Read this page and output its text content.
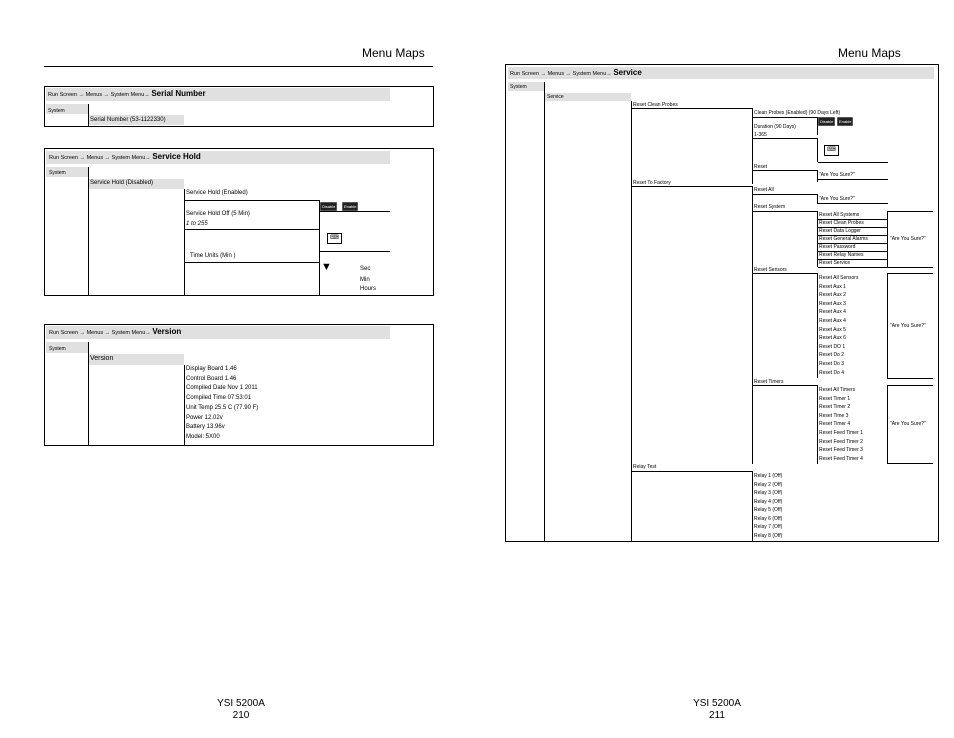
Menu Maps
Run Screen → Menus → System Menu→ Serial Number
System
Serial Number (53-1122330)
Run Screen → Menus → System Menu→ Service Hold
System
Service Hold (Disabled)
Service Hold (Enabled)
Disable	Enable
Service Hold Off (5 Min)
1 to 255
⌨
Time Units (Min )
▼	Sec
Min
Hours
Run Screen → Menus → System Menu→ Version
System
Version
Display Board 1.46
Control Board 1.46
Compiled Date Nov 1 2011
Compiled Time 07:53:01
Unit Temp 25.5 C (77.90 F)
Power 12.02v
Battery 13.96v
Model: 5X00
YSI 5200A
210
Menu Maps
Run Screen → Menus → System Menu→ Service
System
Service
Reset Clean Probes
Clean Probes (Enabled) (90 Days Left)
Disable	Enable
Duration (90 Days)
1-365
⌨
Reset
"Are You Sure?"
Reset To Factory
Reset All
"Are You Sure?"
Reset System
Reset All Systems
Reset Clean Probes
Reset Data Logger
Reset General Alarms
Reset Password
Reset Relay Names
Reset Service
"Are You Sure?"
Reset Sensors
Reset All Sensors
Reset Aux 1
Reset Aux 2
Reset Aux 3
Reset Aux 4
Reset Aux 4
Reset Aux 5
Reset Aux 6
Reset DO 1
Reset Do 2
Reset Do 3
Reset Do 4
"Are You Sure?"
Reset Timers
Reset All Timers
Reset Timer 1
Reset Timer 2
Reset Time 3
Reset Timer 4
Reset Feed Timer 1
Reset Feed Timer 2
Reset Feed Timer 3
Reset Feed Timer 4
"Are You Sure?"
Relay Test
Relay 1 (Off)
Relay 2 (Off)
Relay 3 (Off)
Relay 4 (Off)
Relay 5 (Off)
Relay 6 (Off)
Relay 7 (Off)
Relay 8 (Off)
YSI 5200A
211
